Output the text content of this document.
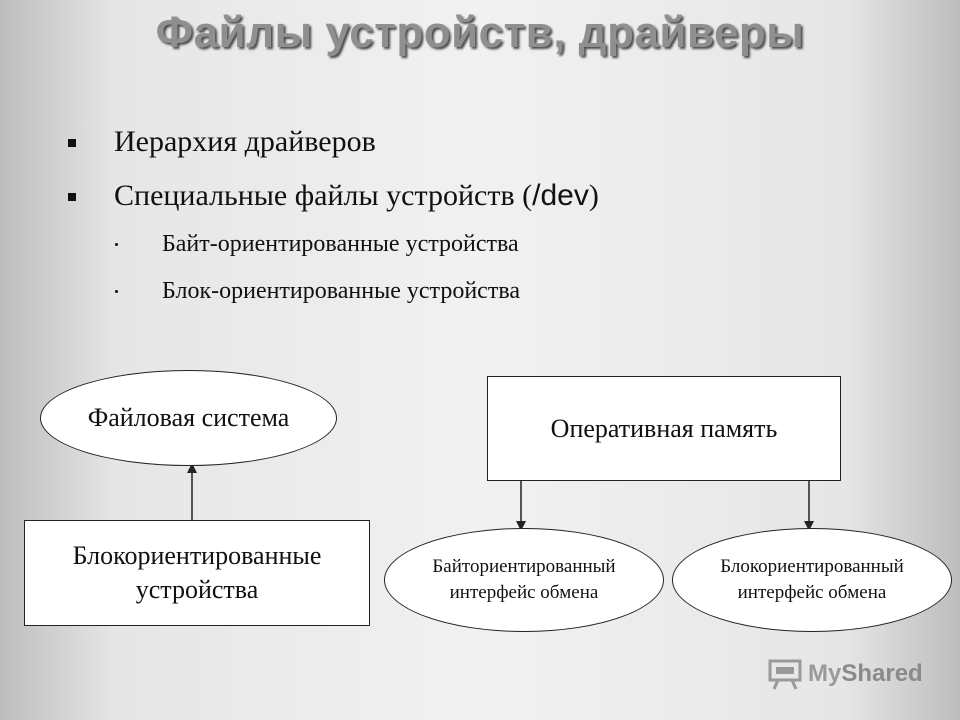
Файлы устройств, драйверы
Иерархия драйверов
Специальные файлы устройств (/dev)
Байт-ориентированные устройства
Блок-ориентированные устройства
Файловая система
Блокориентированные
устройства
Оперативная память
Байториентированный
интерфейс обмена
Блокориентированный
интерфейс обмена
My Shared
